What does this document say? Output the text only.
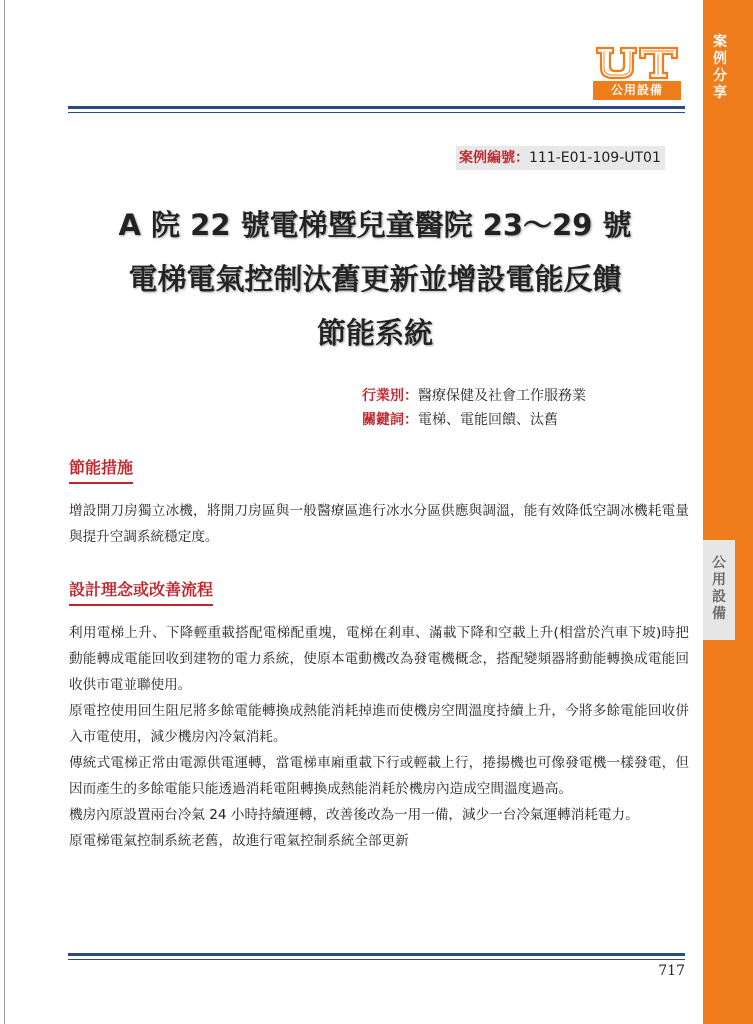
案例分享
公用設備
公用設備
案例編號：111-E01-109-UT01
A 院 22 號電梯暨兒童醫院 23～29 號
電梯電氣控制汰舊更新並增設電能反饋
節能系統
行業別：醫療保健及社會工作服務業
關鍵詞：電梯、電能回饋、汰舊
節能措施
增設開刀房獨立冰機，將開刀房區與一般醫療區進行冰水分區供應與調溫，能有效降低空調冰機耗電量與提升空調系統穩定度。
設計理念或改善流程

利用電梯上升、下降輕重載搭配電梯配重塊，電梯在剎車、滿載下降和空載上升(相當於汽車下坡)時把動能轉成電能回收到建物的電力系統，使原本電動機改為發電機概念，搭配變頻器將動能轉換成電能回收供市電並聯使用。

原電控使用回生阻尼將多餘電能轉換成熱能消耗掉進而使機房空間溫度持續上升，今將多餘電能回收併入市電使用，減少機房內冷氣消耗。

傳統式電梯正常由電源供電運轉，當電梯車廂重載下行或輕載上行，捲揚機也可像發電機一樣發電，但因而產生的多餘電能只能透過消耗電阻轉換成熱能消耗於機房內造成空間溫度過高。

機房內原設置兩台冷氣 24 小時持續運轉，改善後改為一用一備，減少一台冷氣運轉消耗電力。

原電梯電氣控制系統老舊，故進行電氣控制系統全部更新

717
